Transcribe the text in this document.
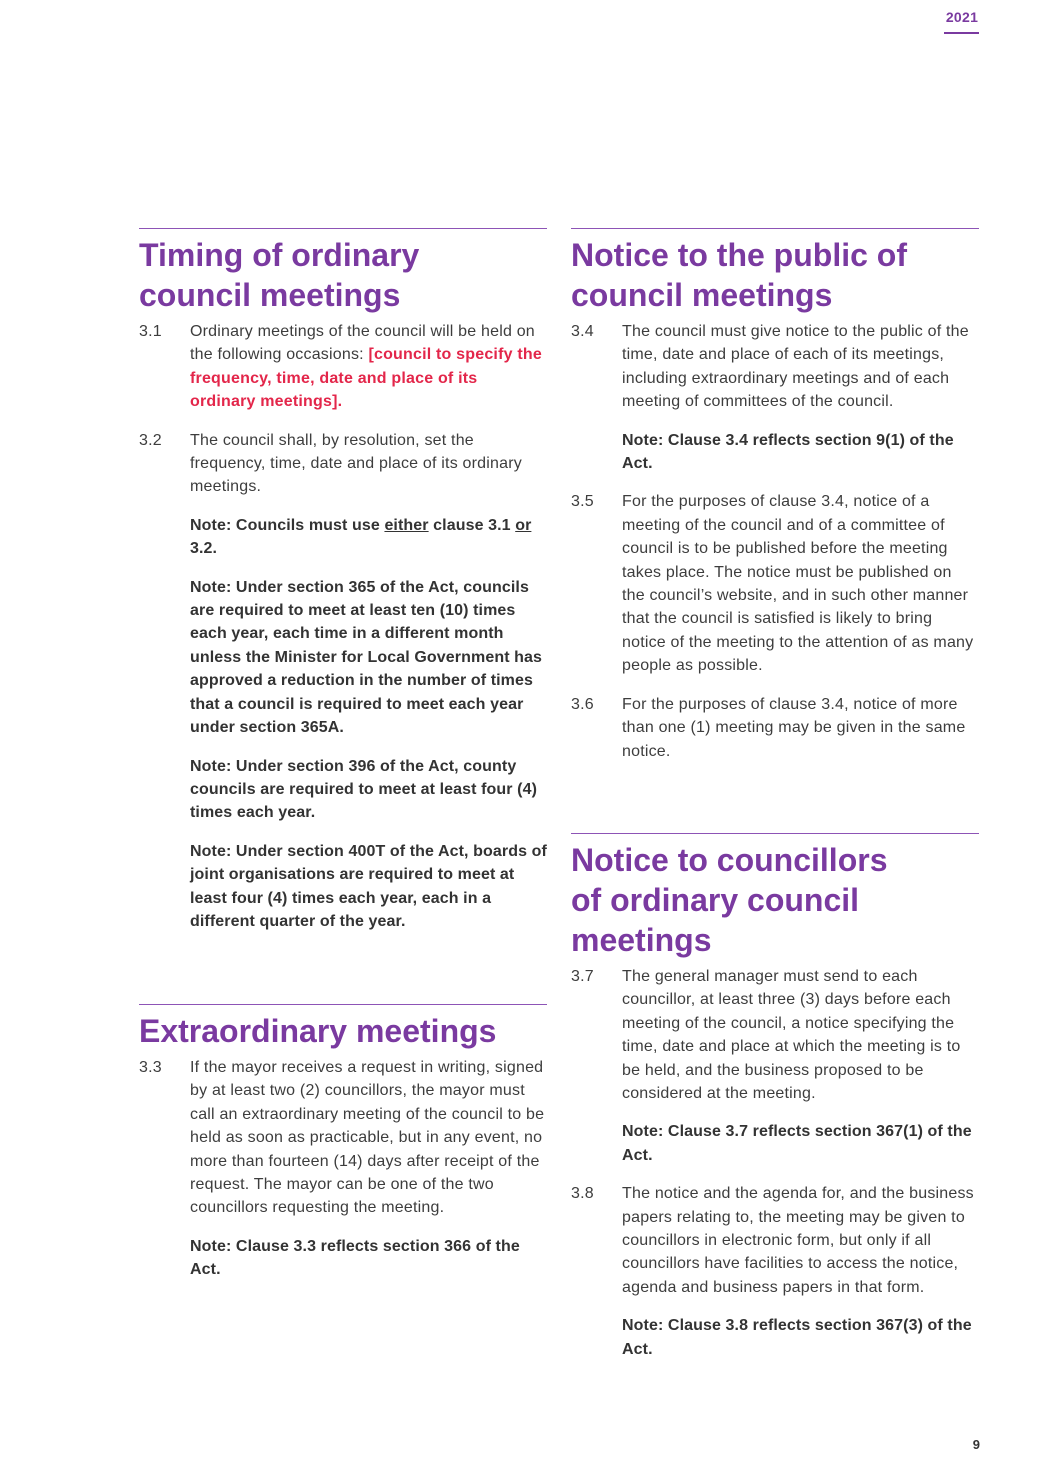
2021
Timing of ordinary
council meetings
3.1	Ordinary meetings of the council will be held on the following occasions: [council to specify the frequency, time, date and place of its ordinary meetings].
3.2	The council shall, by resolution, set the frequency, time, date and place of its ordinary meetings.
Note: Councils must use either clause 3.1 or 3.2.
Note: Under section 365 of the Act, councils are required to meet at least ten (10) times each year, each time in a different month unless the Minister for Local Government has approved a reduction in the number of times that a council is required to meet each year under section 365A.
Note: Under section 396 of the Act, county councils are required to meet at least four (4) times each year.
Note: Under section 400T of the Act, boards of joint organisations are required to meet at least four (4) times each year, each in a different quarter of the year.
Extraordinary meetings
3.3	If the mayor receives a request in writing, signed by at least two (2) councillors, the mayor must call an extraordinary meeting of the council to be held as soon as practicable, but in any event, no more than fourteen (14) days after receipt of the request. The mayor can be one of the two councillors requesting the meeting.
Note: Clause 3.3 reflects section 366 of the Act.
Notice to the public of
council meetings
3.4	The council must give notice to the public of the time, date and place of each of its meetings, including extraordinary meetings and of each meeting of committees of the council.
Note: Clause 3.4 reflects section 9(1) of the Act.
3.5	For the purposes of clause 3.4, notice of a meeting of the council and of a committee of council is to be published before the meeting takes place. The notice must be published on the council’s website, and in such other manner that the council is satisfied is likely to bring notice of the meeting to the attention of as many people as possible.
3.6	For the purposes of clause 3.4, notice of more than one (1) meeting may be given in the same notice.
Notice to councillors
of ordinary council
meetings
3.7	The general manager must send to each councillor, at least three (3) days before each meeting of the council, a notice specifying the time, date and place at which the meeting is to be held, and the business proposed to be considered at the meeting.
Note: Clause 3.7 reflects section 367(1) of the Act.
3.8	The notice and the agenda for, and the business papers relating to, the meeting may be given to councillors in electronic form, but only if all councillors have facilities to access the notice, agenda and business papers in that form.
Note: Clause 3.8 reflects section 367(3) of the Act.
9
